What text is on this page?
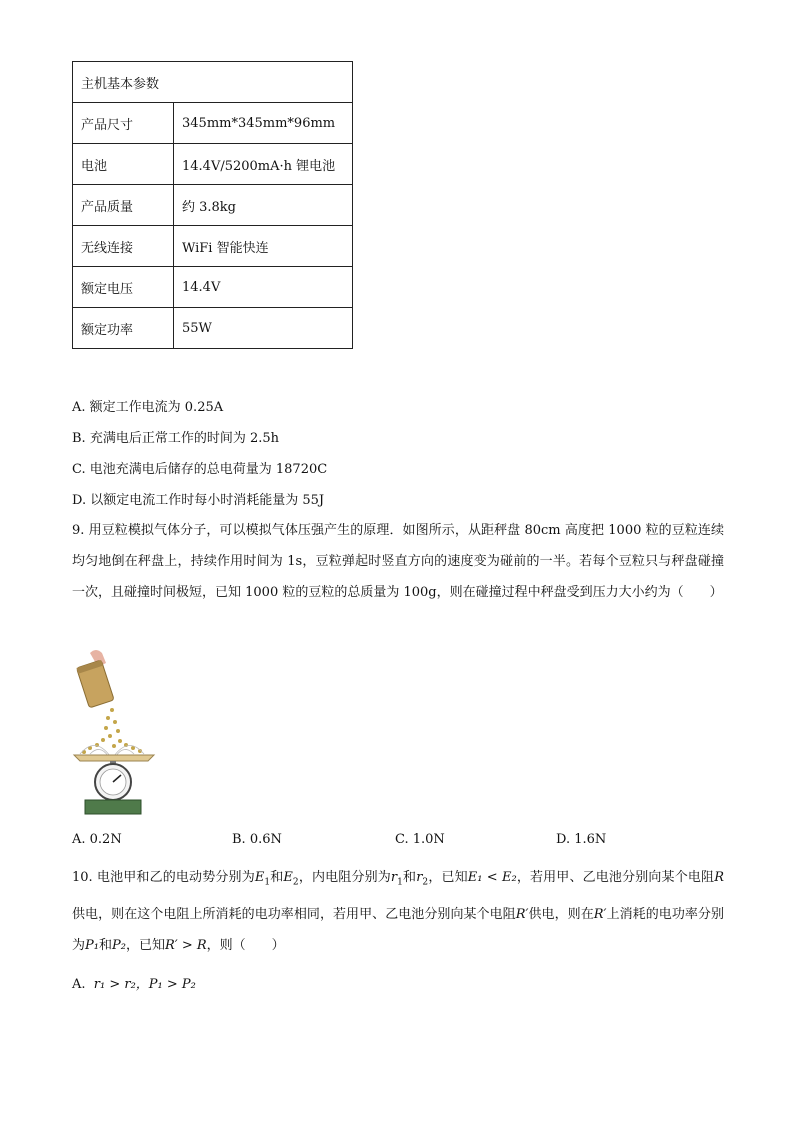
主机基本参数	
产品尺寸	345mm*345mm*96mm
电池	14.4V/5200mA·h 锂电池
产品质量	约 3.8kg
无线连接	WiFi 智能快连
额定电压	14.4V
额定功率	55W
A. 额定工作电流为 0.25A
B. 充满电后正常工作的时间为 2.5h
C. 电池充满电后储存的总电荷量为 18720C
D. 以额定电流工作时每小时消耗能量为 55J
9. 用豆粒模拟气体分子，可以模拟气体压强产生的原理．如图所示，从距秤盘 80cm 高度把 1000 粒的豆粒连续均匀地倒在秤盘上，持续作用时间为 1s，豆粒弹起时竖直方向的速度变为碰前的一半。若每个豆粒只与秤盘碰撞一次，且碰撞时间极短，已知 1000 粒的豆粒的总质量为 100g，则在碰撞过程中秤盘受到压力大小约为（　　）
A. 0.2N	B. 0.6N	C. 1.0N	D. 1.6N
10. 电池甲和乙的电动势分别为$E_1$和$E_2$，内电阻分别为$r_1$和$r_2$，已知E₁ < E₂，若用甲、乙电池分别向某个电阻R供电，则在这个电阻上所消耗的电功率相同，若用甲、乙电池分别向某个电阻R′供电，则在R′上消耗的电功率分别为P₁和P₂，已知R′ > R，则（　　）
A. r₁ > r₂，P₁ > P₂
